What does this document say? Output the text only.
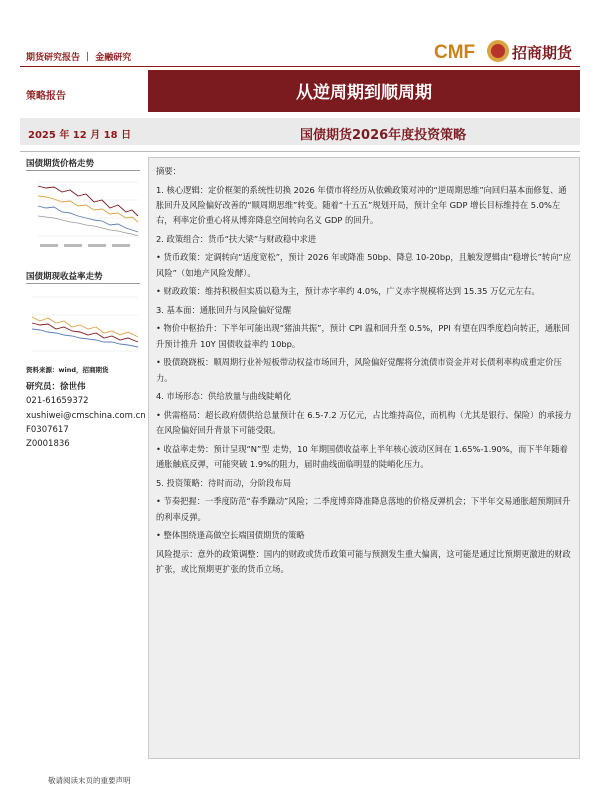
期货研究报告 ｜ 金融研究	CMF 招商期货
从逆周期到顺周期
策略报告
2025 年 12 月 18 日	国债期货2026年度投资策略
国债期货价格走势
国债期现收益率走势
资料来源：wind，招商期货
研究员：徐世伟
021-61659372
xushiwei@cmschina.com.cn
F0307617
Z0001836

摘要：

1. 核心逻辑：定价框架的系统性切换 2026 年债市将经历从依赖政策对冲的“逆周期思维”向回归基本面修复、通胀回升及风险偏好改善的“顺周期思维”转变。随着“十五五”规划开局，预计全年 GDP 增长目标维持在 5.0%左右，利率定价重心将从博弈降息空间转向名义 GDP 的回升。

2. 政策组合：货币“扶大梁”与财政稳中求进

• 货币政策：定调转向“适度宽松”，预计 2026 年或降准 50bp、降息 10-20bp，且触发逻辑由“稳增长”转向“应风险”（如地产风险发酵）。

• 财政政策：维持积极但实质以稳为主，预计赤字率约 4.0%，广义赤字规模将达到 15.35 万亿元左右。

3. 基本面：通胀回升与风险偏好觉醒

• 物价中枢抬升：下半年可能出现“猪油共振”，预计 CPI 温和回升至 0.5%，PPI 有望在四季度趋向转正，通胀回升预计推升 10Y 国债收益率约 10bp。

• 股债跷跷板：顺周期行业补短板带动权益市场回升，风险偏好觉醒将分流债市资金并对长债利率构成重定价压力。

4. 市场形态：供给放量与曲线陡峭化

• 供需格局：超长政府债供给总量预计在 6.5-7.2 万亿元，占比维持高位，而机构（尤其是银行、保险）的承接力在风险偏好回升背景下可能受限。

• 收益率走势：预计呈现“N”型 走势，10 年期国债收益率上半年核心波动区间在 1.65%-1.90%，而下半年随着通胀触底反弹，可能突破 1.9%的阻力，届时曲线面临明显的陡峭化压力。

5. 投资策略：待时而动，分阶段布局

• 节奏把握：一季度防范“春季躁动”风险；二季度博弈降准降息落地的价格反弹机会；下半年交易通胀超预期回升的利率反弹。

• 整体围绕逢高做空长端国债期货的策略

风险提示：意外的政策调整：国内的财政或货币政策可能与预测发生重大偏离，这可能是通过比预期更激进的财政扩张，或比预期更扩张的货币立场。

敬请阅读末页的重要声明
